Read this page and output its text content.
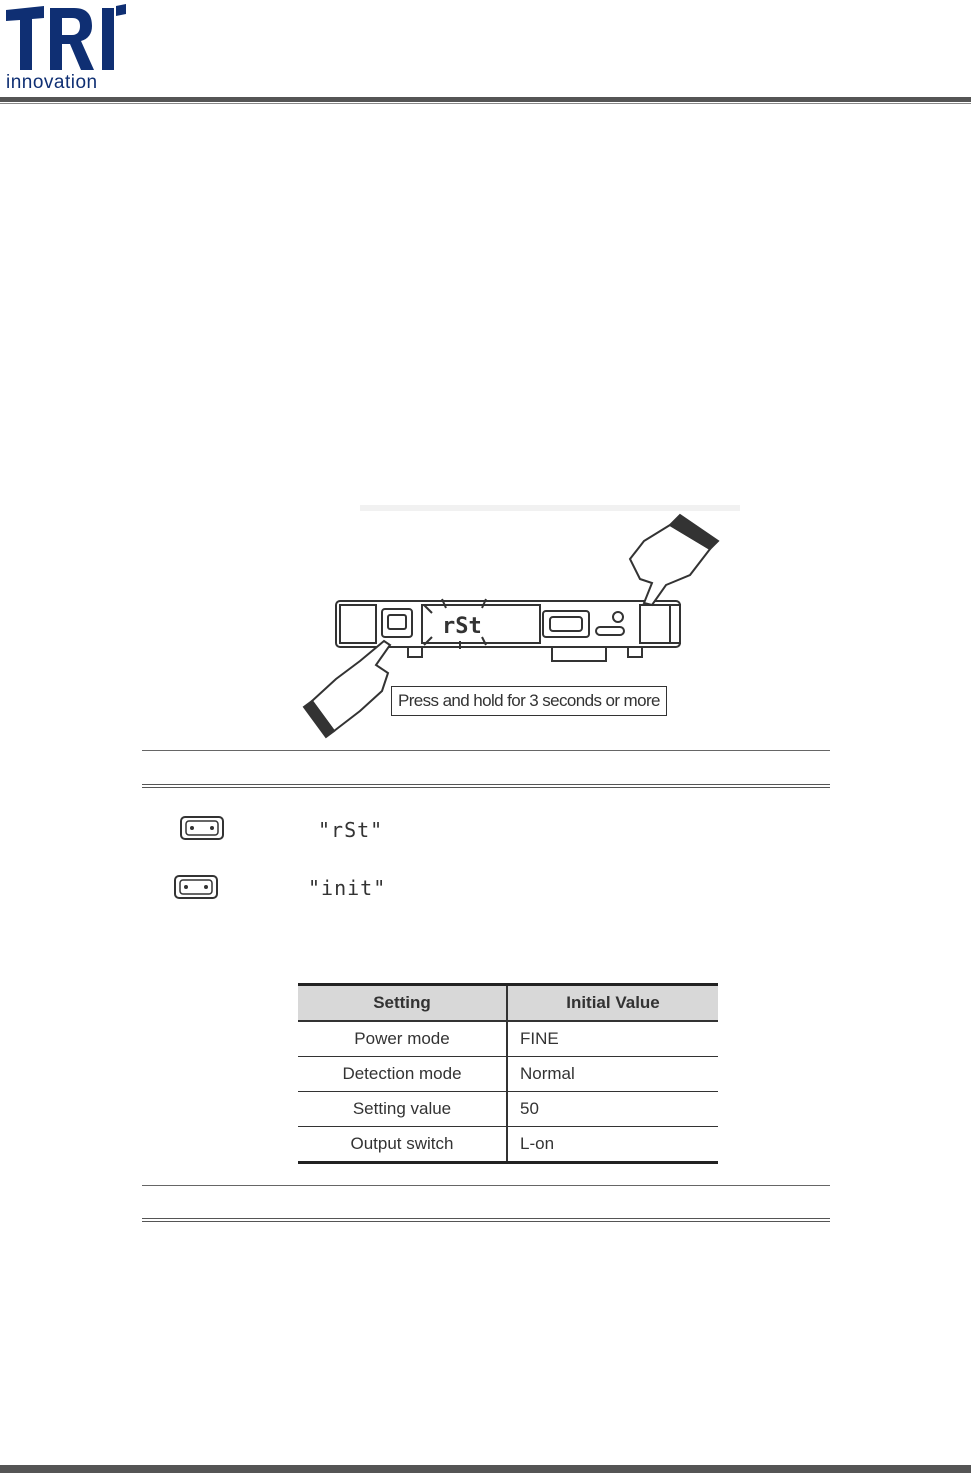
innovation
rSt
Press and hold for 3 seconds or more
"rSt"
"init"
Setting	Initial Value
Power mode	FINE
Detection mode	Normal
Setting value	50
Output switch	L-on
